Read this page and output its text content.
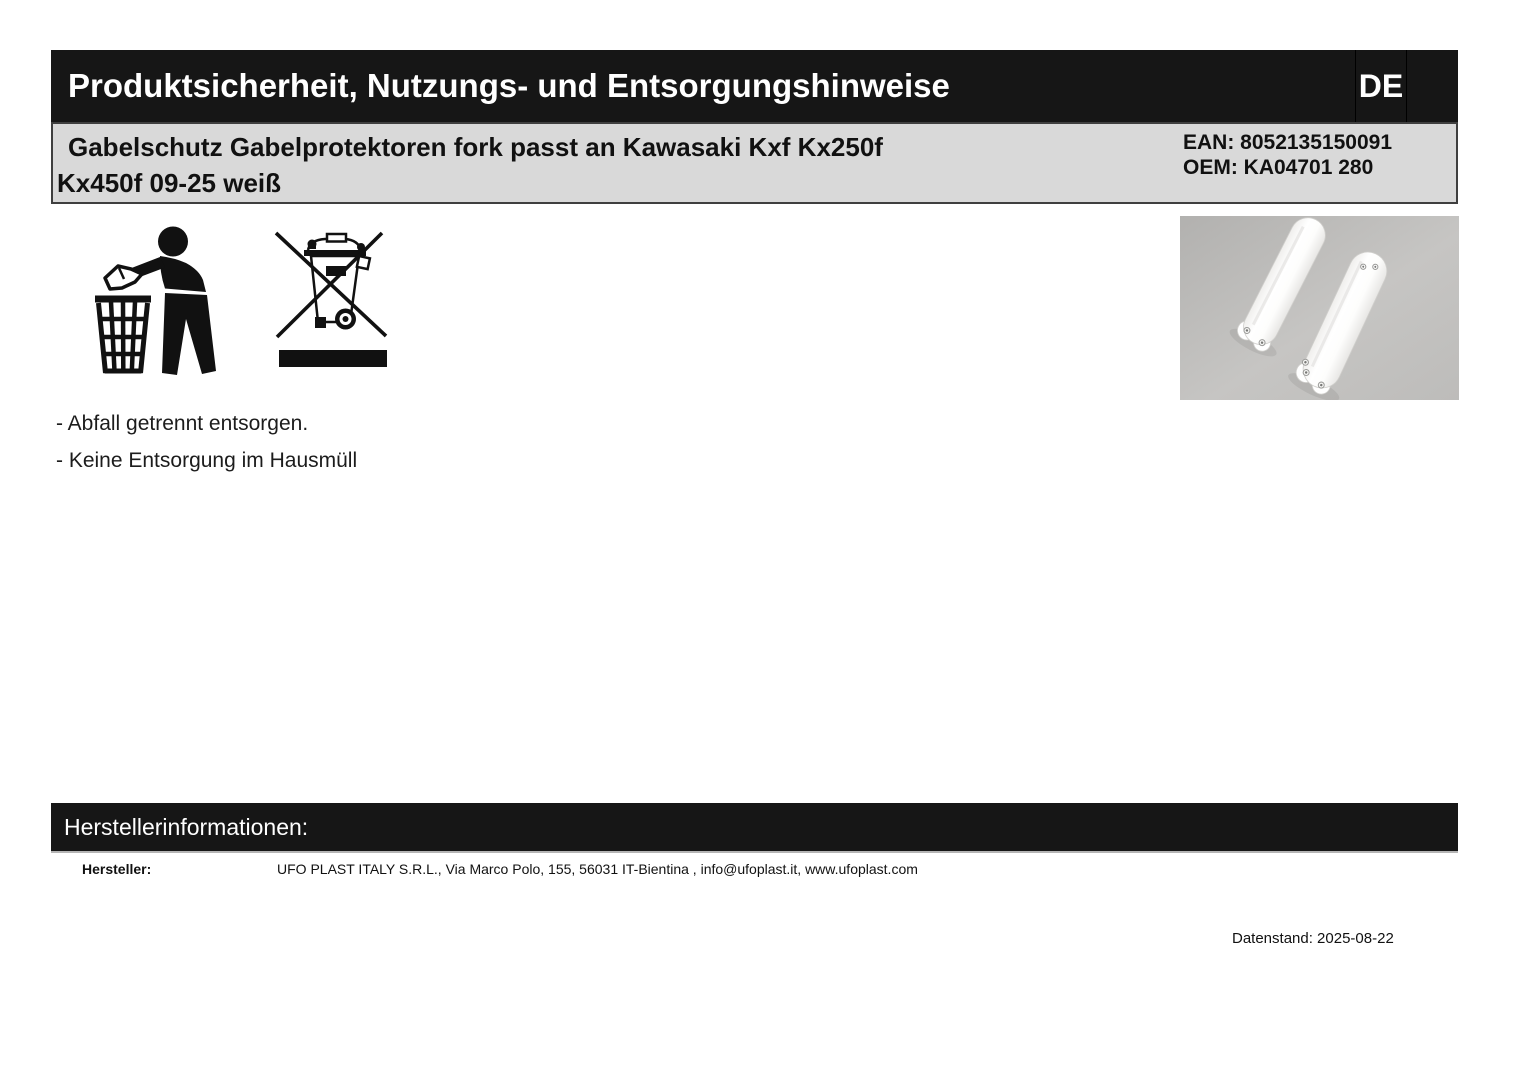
Produktsicherheit, Nutzungs- und Entsorgungshinweise	DE
Gabelschutz Gabelprotektoren fork passt an Kawasaki Kxf Kx250f
Kx450f 09-25 weiß
EAN: 8052135150091
OEM: KA04701 280
- Abfall getrennt entsorgen.
- Keine Entsorgung im Hausmüll
Herstellerinformationen:
Hersteller:	UFO PLAST ITALY S.R.L., Via Marco Polo, 155, 56031 IT-Bientina , info@ufoplast.it, www.ufoplast.com
Datenstand: 2025-08-22
